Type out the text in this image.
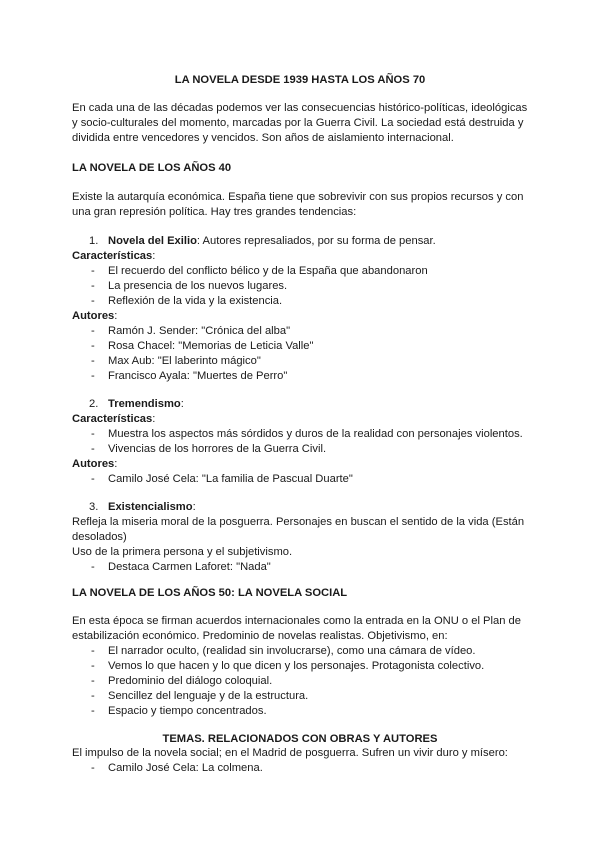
LA NOVELA DESDE 1939 HASTA LOS AÑOS 70
En cada una de las décadas podemos ver las consecuencias histórico-políticas, ideológicas
y socio-culturales del momento, marcadas por la Guerra Civil. La sociedad está destruida y
dividida entre vencedores y vencidos. Son años de aislamiento internacional.
LA NOVELA DE LOS AÑOS 40
Existe la autarquía económica. España tiene que sobrevivir con sus propios recursos y con
una gran represión política. Hay tres grandes tendencias:
1. Novela del Exilio: Autores represaliados, por su forma de pensar.
Características:
- El recuerdo del conflicto bélico y de la España que abandonaron
- La presencia de los nuevos lugares.
- Reflexión de la vida y la existencia.
Autores:
- Ramón J. Sender: "Crónica del alba"
- Rosa Chacel: "Memorias de Leticia Valle"
- Max Aub: "El laberinto mágico"
- Francisco Ayala: "Muertes de Perro"
2. Tremendismo:
Características:
- Muestra los aspectos más sórdidos y duros de la realidad con personajes violentos.
- Vivencias de los horrores de la Guerra Civil.
Autores:
- Camilo José Cela: "La familia de Pascual Duarte"
3. Existencialismo:
Refleja la miseria moral de la posguerra. Personajes en buscan el sentido de la vida (Están
desolados)
Uso de la primera persona y el subjetivismo.
- Destaca Carmen Laforet: "Nada"
LA NOVELA DE LOS AÑOS 50: LA NOVELA SOCIAL
En esta época se firman acuerdos internacionales como la entrada en la ONU o el Plan de
estabilización económico. Predominio de novelas realistas. Objetivismo, en:
- El narrador oculto, (realidad sin involucrarse), como una cámara de vídeo.
- Vemos lo que hacen y lo que dicen y los personajes. Protagonista colectivo.
- Predominio del diálogo coloquial.
- Sencillez del lenguaje y de la estructura.
- Espacio y tiempo concentrados.
TEMAS. RELACIONADOS CON OBRAS Y AUTORES
El impulso de la novela social; en el Madrid de posguerra. Sufren un vivir duro y mísero:
- Camilo José Cela: La colmena.
